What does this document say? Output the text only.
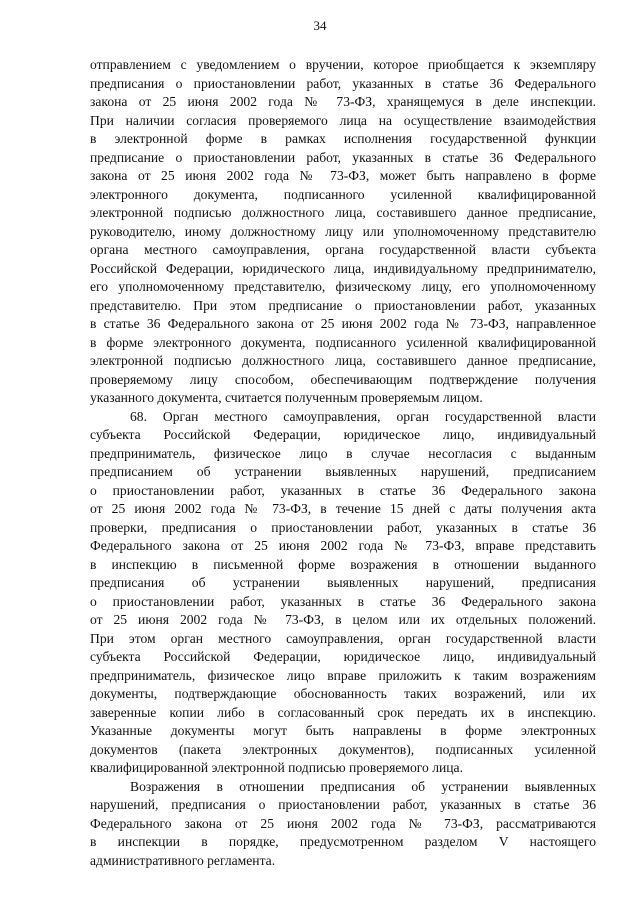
34
отправлением с уведомлением о вручении, которое приобщается к экземпляру
предписания о приостановлении работ, указанных в статье 36 Федерального
закона от 25 июня 2002 года № 73-ФЗ, хранящемуся в деле инспекции.
При наличии согласия проверяемого лица на осуществление взаимодействия
в электронной форме в рамках исполнения государственной функции
предписание о приостановлении работ, указанных в статье 36 Федерального
закона от 25 июня 2002 года № 73-ФЗ, может быть направлено в форме
электронного документа, подписанного усиленной квалифицированной
электронной подписью должностного лица, составившего данное предписание,
руководителю, иному должностному лицу или уполномоченному представителю
органа местного самоуправления, органа государственной власти субъекта
Российской Федерации, юридического лица, индивидуальному предпринимателю,
его уполномоченному представителю, физическому лицу, его уполномоченному
представителю. При этом предписание о приостановлении работ, указанных
в статье 36 Федерального закона от 25 июня 2002 года № 73-ФЗ, направленное
в форме электронного документа, подписанного усиленной квалифицированной
электронной подписью должностного лица, составившего данное предписание,
проверяемому лицу способом, обеспечивающим подтверждение получения
указанного документа, считается полученным проверяемым лицом.
68. Орган местного самоуправления, орган государственной власти
субъекта Российской Федерации, юридическое лицо, индивидуальный
предприниматель, физическое лицо в случае несогласия с выданным
предписанием об устранении выявленных нарушений, предписанием
о приостановлении работ, указанных в статье 36 Федерального закона
от 25 июня 2002 года № 73-ФЗ, в течение 15 дней с даты получения акта
проверки, предписания о приостановлении работ, указанных в статье 36
Федерального закона от 25 июня 2002 года № 73-ФЗ, вправе представить
в инспекцию в письменной форме возражения в отношении выданного
предписания об устранении выявленных нарушений, предписания
о приостановлении работ, указанных в статье 36 Федерального закона
от 25 июня 2002 года № 73-ФЗ, в целом или их отдельных положений.
При этом орган местного самоуправления, орган государственной власти
субъекта Российской Федерации, юридическое лицо, индивидуальный
предприниматель, физическое лицо вправе приложить к таким возражениям
документы, подтверждающие обоснованность таких возражений, или их
заверенные копии либо в согласованный срок передать их в инспекцию.
Указанные документы могут быть направлены в форме электронных
документов (пакета электронных документов), подписанных усиленной
квалифицированной электронной подписью проверяемого лица.
Возражения в отношении предписания об устранении выявленных
нарушений, предписания о приостановлении работ, указанных в статье 36
Федерального закона от 25 июня 2002 года № 73-ФЗ, рассматриваются
в инспекции в порядке, предусмотренном разделом V настоящего
административного регламента.
